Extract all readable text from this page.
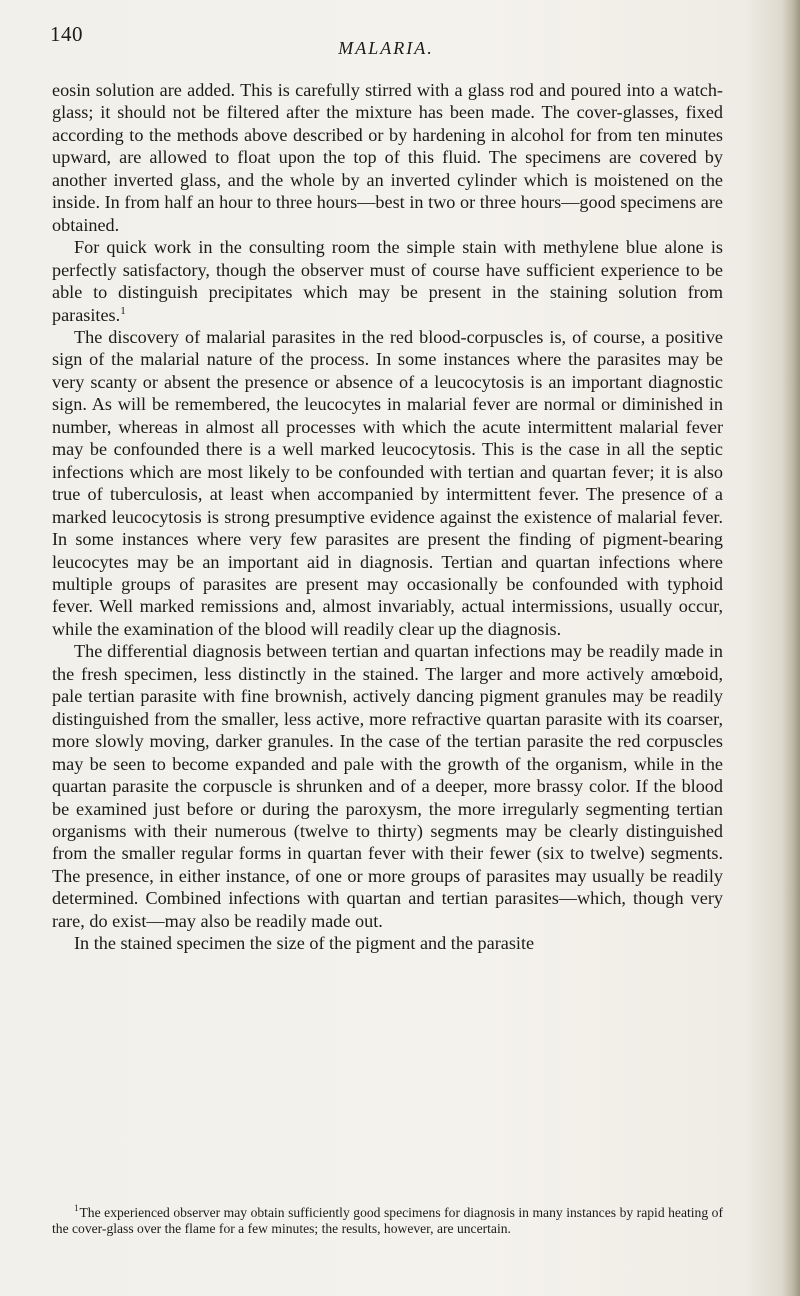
140
MALARIA.

eosin solution are added. This is carefully stirred with a glass rod and poured into a watch-glass; it should not be filtered after the mixture has been made. The cover-glasses, fixed according to the methods above described or by hardening in alcohol for from ten minutes upward, are allowed to float upon the top of this fluid. The specimens are covered by another inverted glass, and the whole by an inverted cylinder which is moistened on the inside. In from half an hour to three hours—best in two or three hours—good specimens are obtained.

For quick work in the consulting room the simple stain with methylene blue alone is perfectly satisfactory, though the observer must of course have sufficient experience to be able to distinguish precipitates which may be present in the staining solution from parasites.$^1$

The discovery of malarial parasites in the red blood-corpuscles is, of course, a positive sign of the malarial nature of the process. In some instances where the parasites may be very scanty or absent the presence or absence of a leucocytosis is an important diagnostic sign. As will be remembered, the leucocytes in malarial fever are normal or diminished in number, whereas in almost all processes with which the acute intermittent malarial fever may be confounded there is a well marked leucocytosis. This is the case in all the septic infections which are most likely to be confounded with tertian and quartan fever; it is also true of tuberculosis, at least when accompanied by intermittent fever. The presence of a marked leucocytosis is strong presumptive evidence against the existence of malarial fever. In some instances where very few parasites are present the finding of pigment-bearing leucocytes may be an important aid in diagnosis. Tertian and quartan infections where multiple groups of parasites are present may occasionally be confounded with typhoid fever. Well marked remissions and, almost invariably, actual intermissions, usually occur, while the examination of the blood will readily clear up the diagnosis.

The differential diagnosis between tertian and quartan infections may be readily made in the fresh specimen, less distinctly in the stained. The larger and more actively amœboid, pale tertian parasite with fine brownish, actively dancing pigment granules may be readily distinguished from the smaller, less active, more refractive quartan parasite with its coarser, more slowly moving, darker granules. In the case of the tertian parasite the red corpuscles may be seen to become expanded and pale with the growth of the organism, while in the quartan parasite the corpuscle is shrunken and of a deeper, more brassy color. If the blood be examined just before or during the paroxysm, the more irregularly segmenting tertian organisms with their numerous (twelve to thirty) segments may be clearly distinguished from the smaller regular forms in quartan fever with their fewer (six to twelve) segments. The presence, in either instance, of one or more groups of parasites may usually be readily determined. Combined infections with quartan and tertian parasites—which, though very rare, do exist—may also be readily made out.

In the stained specimen the size of the pigment and the parasite

$^1$The experienced observer may obtain sufficiently good specimens for diagnosis in many instances by rapid heating of the cover-glass over the flame for a few minutes; the results, however, are uncertain.
